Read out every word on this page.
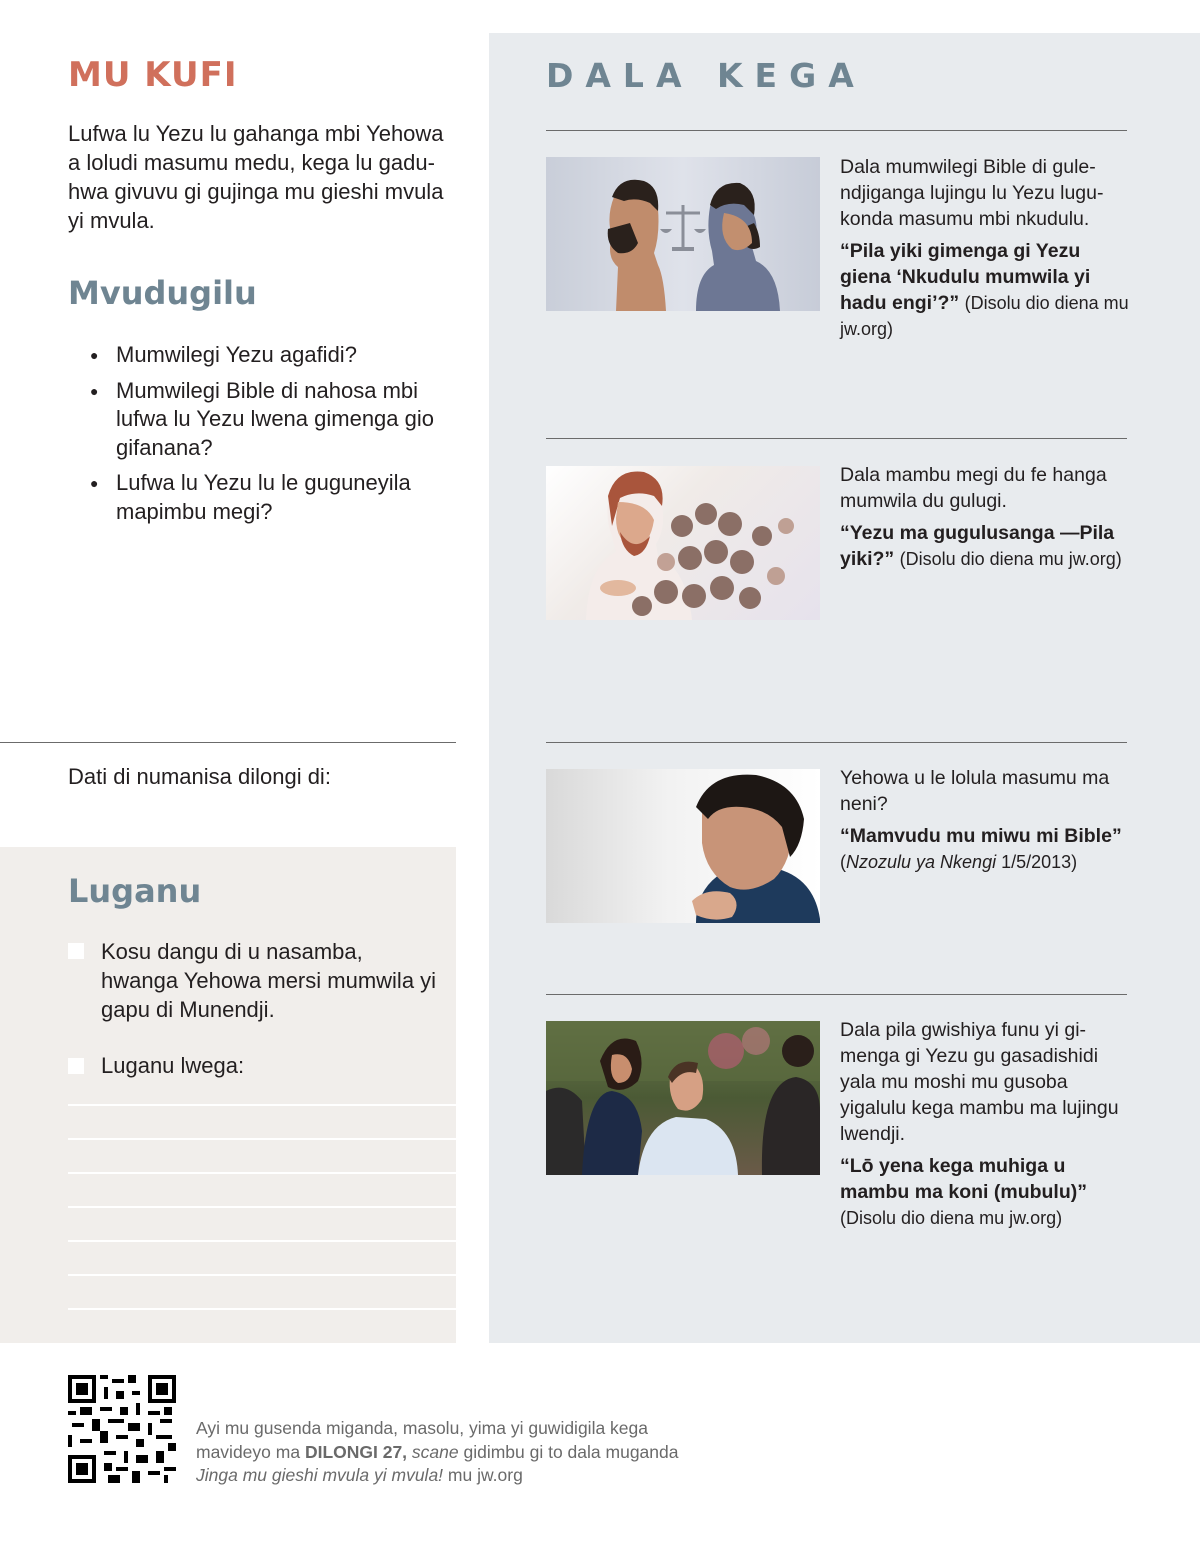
MU KUFI
Lufwa lu Yezu lu gahanga mbi Yehowa a loludi masumu medu, kega lu gaduhwa givuvu gi gujinga mu gieshi mvula yi mvula.
Mvudugilu
● Mumwilegi Yezu agafidi?
● Mumwilegi Bible di nahosa mbi lufwa lu Yezu lwena gimenga gio gifanana?
● Lufwa lu Yezu lu le guguneyila mapimbu megi?
Dati di numanisa dilongi di:
Luganu
Kosu dangu di u nasamba, hwanga Yehowa mersi mumwila yi gapu di Munendji.
Luganu lwega:
DALA KEGA
Dala mumwilegi Bible di gulendjiganga lujingu lu Yezu lugukonda masumu mbi nkudulu.
“Pila yiki gimenga gi Yezu giena ‘Nkudulu mumwila yi hadu engi’?” (Disolu dio diena mu jw.org)
Dala mambu megi du fe hanga mumwila du gulugi.
“Yezu ma gugulusanga —Pila yiki?” (Disolu dio diena mu jw.org)
Yehowa u le lolula masumu ma neni?
“Mamvudu mu miwu mi Bible”
(Nzozulu ya Nkengi 1/5/2013)
Dala pila gwishiya funu yi gimenga gi Yezu gu gasadishidi yala mu moshi mu gusoba yigalulu kega mambu ma lujingu lwendji.
“Lō yena kega muhiga u mambu ma koni (mubulu)” (Disolu dio diena mu jw.org)
Ayi mu gusenda miganda, masolu, yima yi guwidigila kega mavideyo ma DILONGI 27, scane gidimbu gi to dala muganda Jinga mu gieshi mvula yi mvula! mu jw.org
